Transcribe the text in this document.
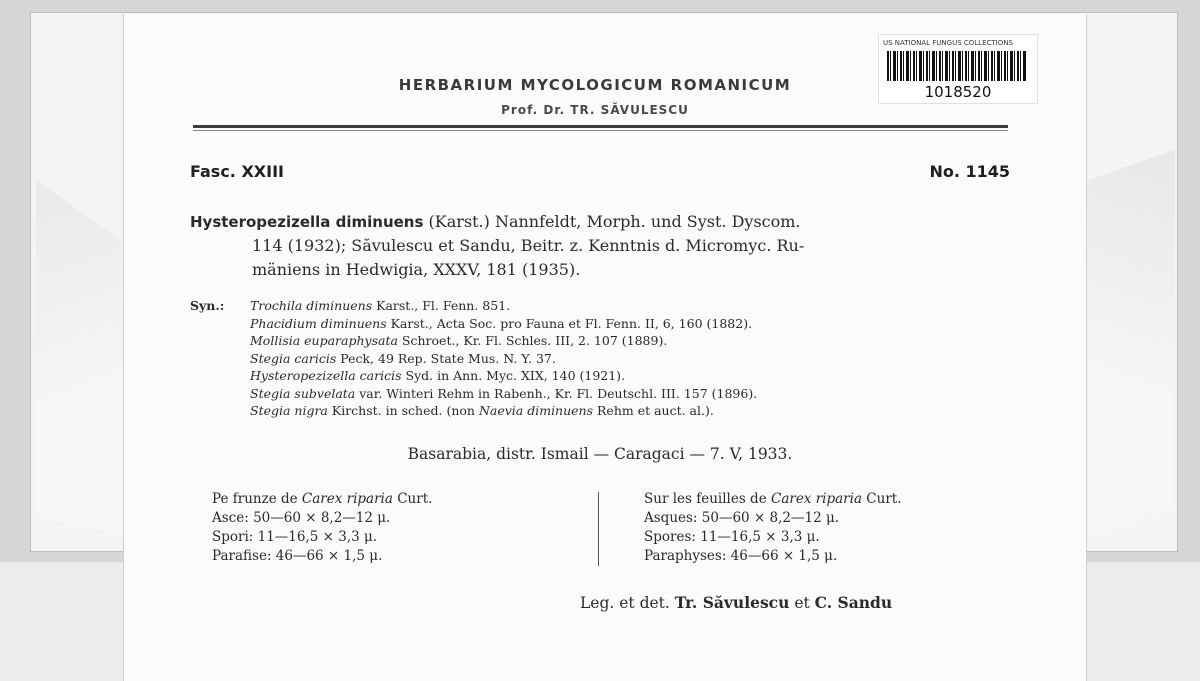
US NATIONAL FUNGUS COLLECTIONS
1018520
HERBARIUM MYCOLOGICUM ROMANICUM
Prof. Dr. TR. SĂVULESCU
Fasc. XXIII	No. 1145
Hysteropezizella diminuens (Karst.) Nannfeldt, Morph. und Syst. Dyscom.
114 (1932); Săvulescu et Sandu, Beitr. z. Kenntnis d. Micromyc. Ru-
mäniens in Hedwigia, XXXV, 181 (1935).
Syn.: Trochila diminuens Karst., Fl. Fenn. 851.
Phacidium diminuens Karst., Acta Soc. pro Fauna et Fl. Fenn. II, 6, 160 (1882).
Mollisia euparaphysata Schroet., Kr. Fl. Schles. III, 2. 107 (1889).
Stegia caricis Peck, 49 Rep. State Mus. N. Y. 37.
Hysteropezizella caricis Syd. in Ann. Myc. XIX, 140 (1921).
Stegia subvelata var. Winteri Rehm in Rabenh., Kr. Fl. Deutschl. III. 157 (1896).
Stegia nigra Kirchst. in sched. (non Naevia diminuens Rehm et auct. al.).
Basarabia, distr. Ismail — Caragaci — 7. V, 1933.
Pe frunze de Carex riparia Curt.
Asce: 50—60 × 8,2—12 μ.
Spori: 11—16,5 × 3,3 μ.
Parafise: 46—66 × 1,5 μ.
Sur les feuilles de Carex riparia Curt.
Asques: 50—60 × 8,2—12 μ.
Spores: 11—16,5 × 3,3 μ.
Paraphyses: 46—66 × 1,5 μ.
Leg. et det. Tr. Săvulescu et C. Sandu
